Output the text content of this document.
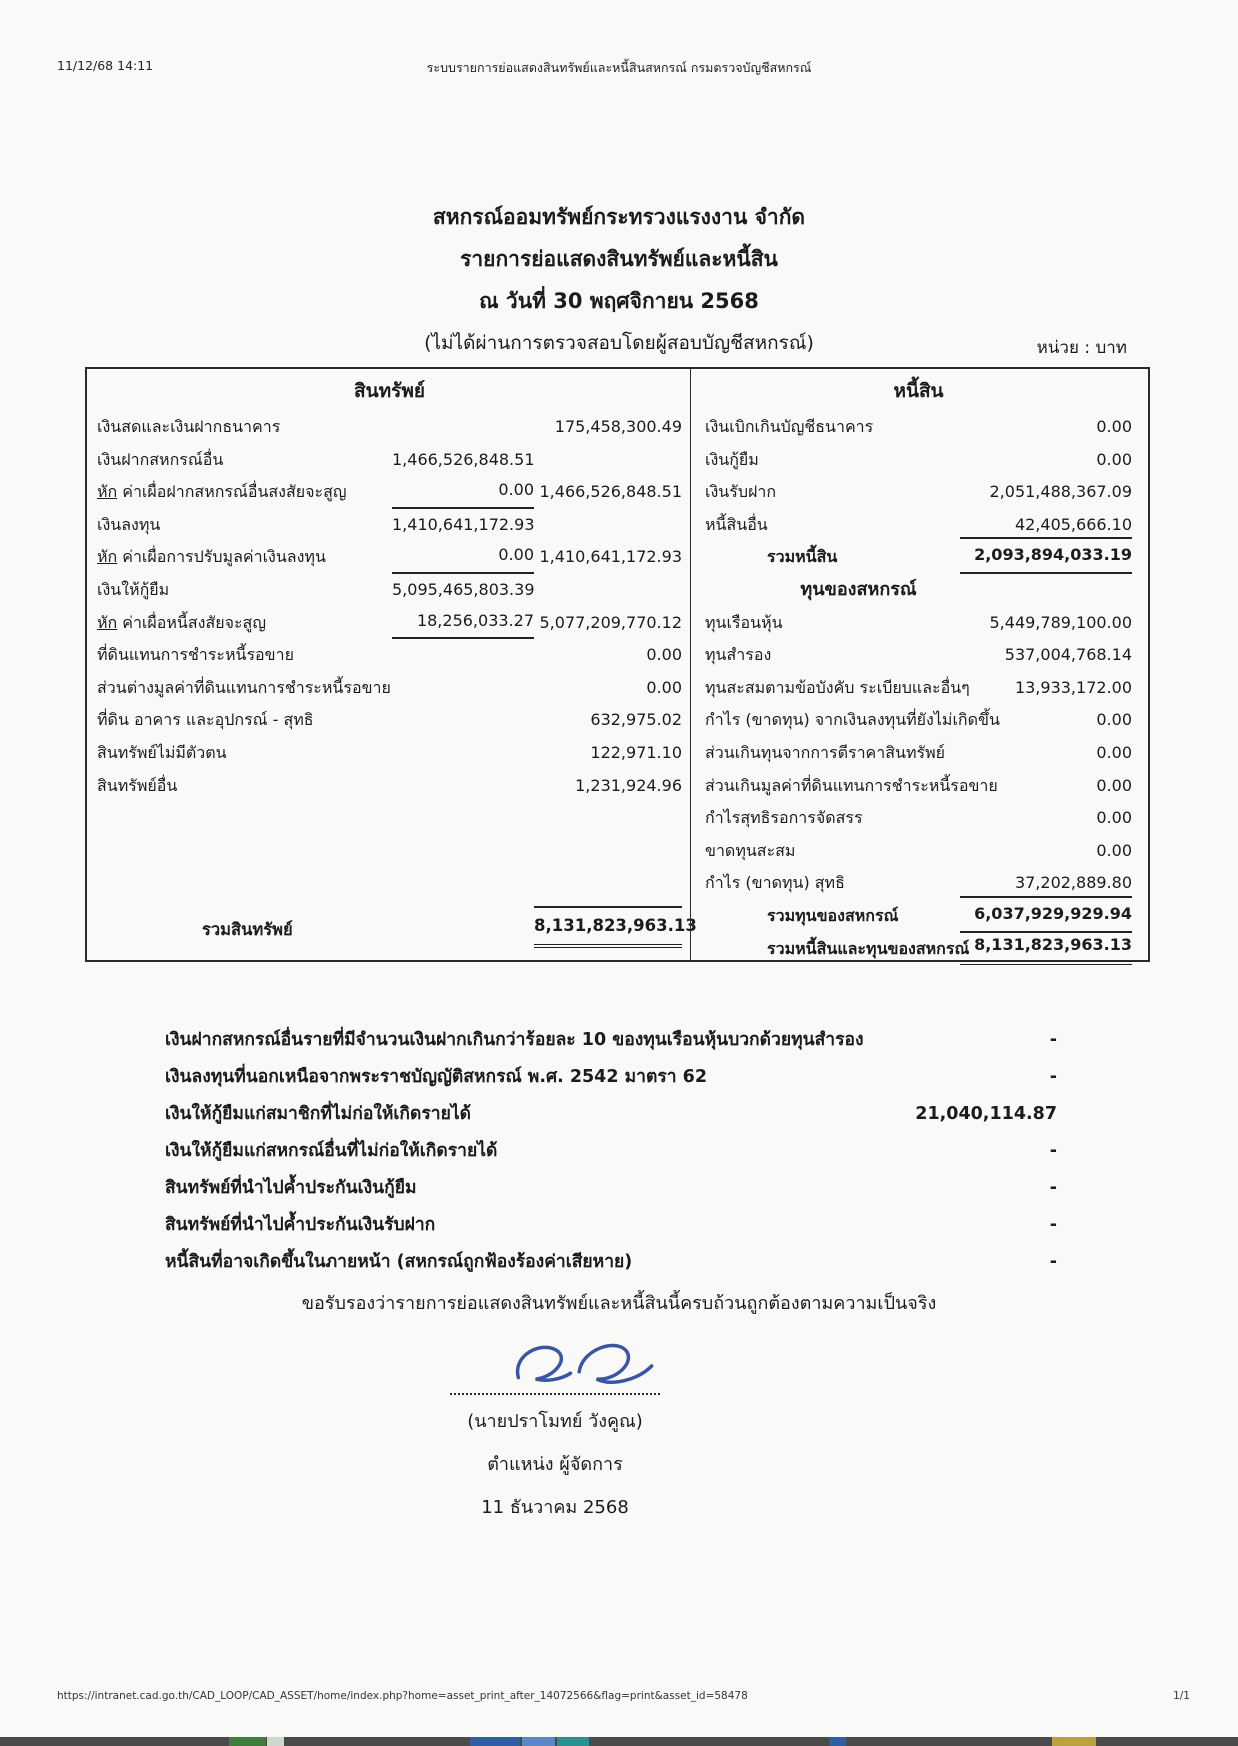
11/12/68 14:11	ระบบรายการย่อแสดงสินทรัพย์และหนี้สินสหกรณ์ กรมตรวจบัญชีสหกรณ์
สหกรณ์ออมทรัพย์กระทรวงแรงงาน จำกัด
รายการย่อแสดงสินทรัพย์และหนี้สิน
ณ วันที่ 30 พฤศจิกายน 2568
(ไม่ได้ผ่านการตรวจสอบโดยผู้สอบบัญชีสหกรณ์)	หน่วย : บาท
สินทรัพย์
เงินสดและเงินฝากธนาคาร	175,458,300.49
เงินฝากสหกรณ์อื่น	1,466,526,848.51
หัก ค่าเผื่อฝากสหกรณ์อื่นสงสัยจะสูญ	0.00 1,466,526,848.51
เงินลงทุน	1,410,641,172.93
หัก ค่าเผื่อการปรับมูลค่าเงินลงทุน	0.00 1,410,641,172.93
เงินให้กู้ยืม	5,095,465,803.39
หัก ค่าเผื่อหนี้สงสัยจะสูญ	18,256,033.27 5,077,209,770.12
ที่ดินแทนการชำระหนี้รอขาย	0.00
ส่วนต่างมูลค่าที่ดินแทนการชำระหนี้รอขาย	0.00
ที่ดิน อาคาร และอุปกรณ์ - สุทธิ	632,975.02
สินทรัพย์ไม่มีตัวตน	122,971.10
สินทรัพย์อื่น	1,231,924.96
รวมสินทรัพย์	8,131,823,963.13
หนี้สิน
เงินเบิกเกินบัญชีธนาคาร	0.00
เงินกู้ยืม	0.00
เงินรับฝาก	2,051,488,367.09
หนี้สินอื่น	42,405,666.10
รวมหนี้สิน	2,093,894,033.19
ทุนของสหกรณ์
ทุนเรือนหุ้น	5,449,789,100.00
ทุนสำรอง	537,004,768.14
ทุนสะสมตามข้อบังคับ ระเบียบและอื่นๆ	13,933,172.00
กำไร (ขาดทุน) จากเงินลงทุนที่ยังไม่เกิดขึ้น	0.00
ส่วนเกินทุนจากการตีราคาสินทรัพย์	0.00
ส่วนเกินมูลค่าที่ดินแทนการชำระหนี้รอขาย	0.00
กำไรสุทธิรอการจัดสรร	0.00
ขาดทุนสะสม	0.00
กำไร (ขาดทุน) สุทธิ	37,202,889.80
รวมทุนของสหกรณ์	6,037,929,929.94
รวมหนี้สินและทุนของสหกรณ์ 8,131,823,963.13
เงินฝากสหกรณ์อื่นรายที่มีจำนวนเงินฝากเกินกว่าร้อยละ 10 ของทุนเรือนหุ้นบวกด้วยทุนสำรอง	-
เงินลงทุนที่นอกเหนือจากพระราชบัญญัติสหกรณ์ พ.ศ. 2542 มาตรา 62	-
เงินให้กู้ยืมแก่สมาชิกที่ไม่ก่อให้เกิดรายได้	21,040,114.87
เงินให้กู้ยืมแก่สหกรณ์อื่นที่ไม่ก่อให้เกิดรายได้	-
สินทรัพย์ที่นำไปค้ำประกันเงินกู้ยืม	-
สินทรัพย์ที่นำไปค้ำประกันเงินรับฝาก	-
หนี้สินที่อาจเกิดขึ้นในภายหน้า (สหกรณ์ถูกฟ้องร้องค่าเสียหาย)	-
ขอรับรองว่ารายการย่อแสดงสินทรัพย์และหนี้สินนี้ครบถ้วนถูกต้องตามความเป็นจริง
(นายปราโมทย์ วังคูณ)
ตำแหน่ง ผู้จัดการ
11 ธันวาคม 2568
https://intranet.cad.go.th/CAD_LOOP/CAD_ASSET/home/index.php?home=asset_print_after_14072566&flag=print&asset_id=58478	1/1
